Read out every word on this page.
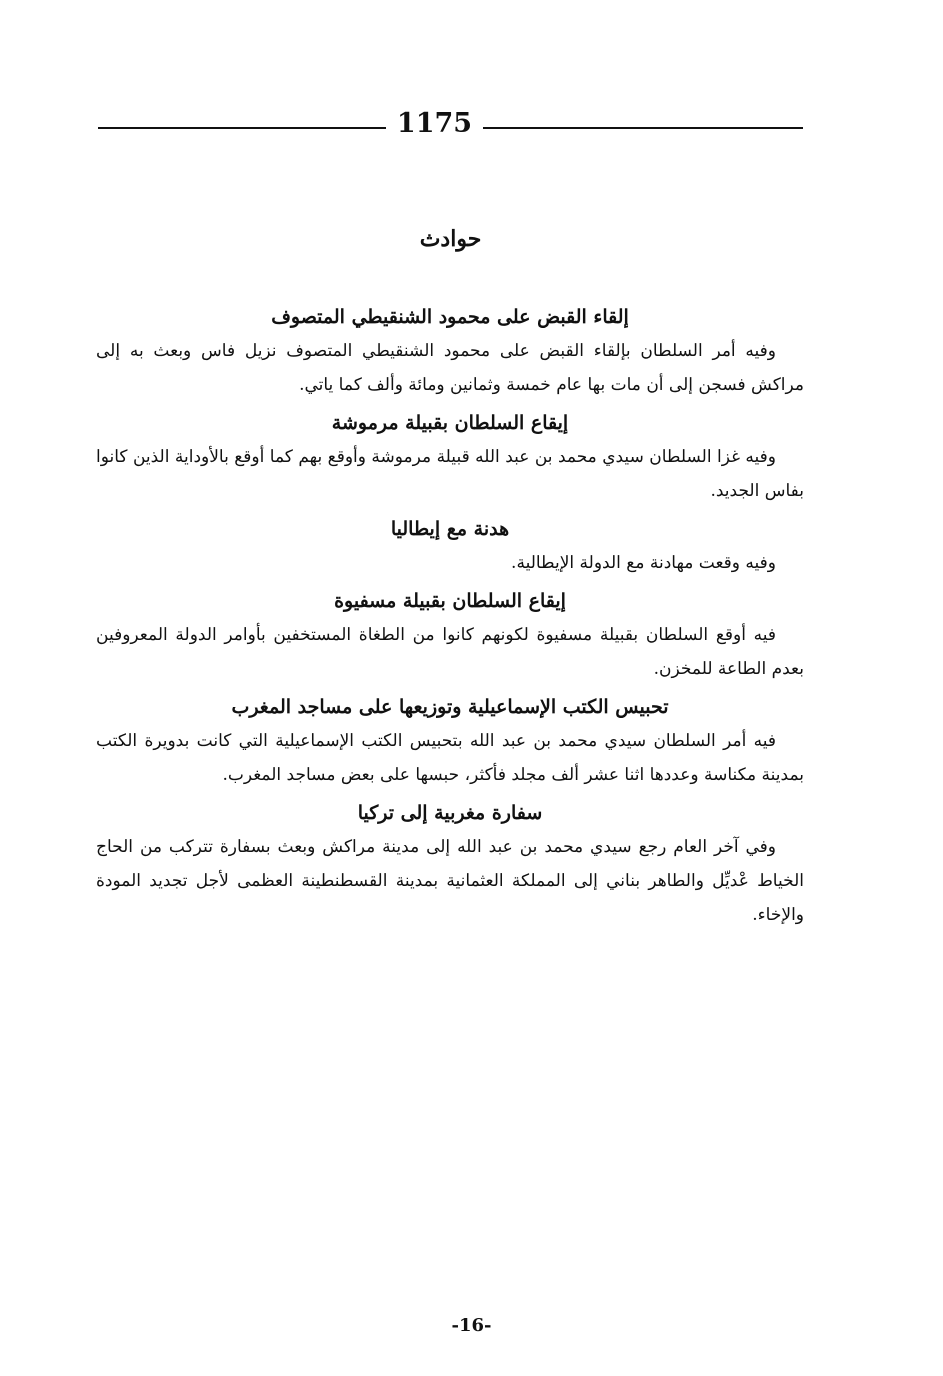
1175
حوادث

إلقاء القبض على محمود الشنقيطي المتصوف

وفيه أمر السلطان بإلقاء القبض على محمود الشنقيطي المتصوف نزيل فاس وبعث به إلى مراكش فسجن إلى أن مات بها عام خمسة وثمانين ومائة وألف كما ياتي.

إيقاع السلطان بقبيلة مرموشة

وفيه غزا السلطان سيدي محمد بن عبد الله قبيلة مرموشة وأوقع بهم كما أوقع بالأوداية الذين كانوا بفاس الجديد.

هدنة مع إيطاليا

وفيه وقعت مهادنة مع الدولة الإيطالية.

إيقاع السلطان بقبيلة مسفيوة

فيه أوقع السلطان بقبيلة مسفيوة لكونهم كانوا من الطغاة المستخفين بأوامر الدولة المعروفين بعدم الطاعة للمخزن.

تحبيس الكتب الإسماعيلية وتوزيعها على مساجد المغرب

فيه أمر السلطان سيدي محمد بن عبد الله بتحبيس الكتب الإسماعيلية التي كانت بدويرة الكتب بمدينة مكناسة وعددها اثنا عشر ألف مجلد فأكثر، حبسها على بعض مساجد المغرب.

سفارة مغربية إلى تركيا

وفي آخر العام رجع سيدي محمد بن عبد الله إلى مدينة مراكش وبعث بسفارة تتركب من الحاج الخياط عْديِّل والطاهر بناني إلى المملكة العثمانية بمدينة القسطنطينة العظمى لأجل تجديد المودة والإخاء.

-16-
